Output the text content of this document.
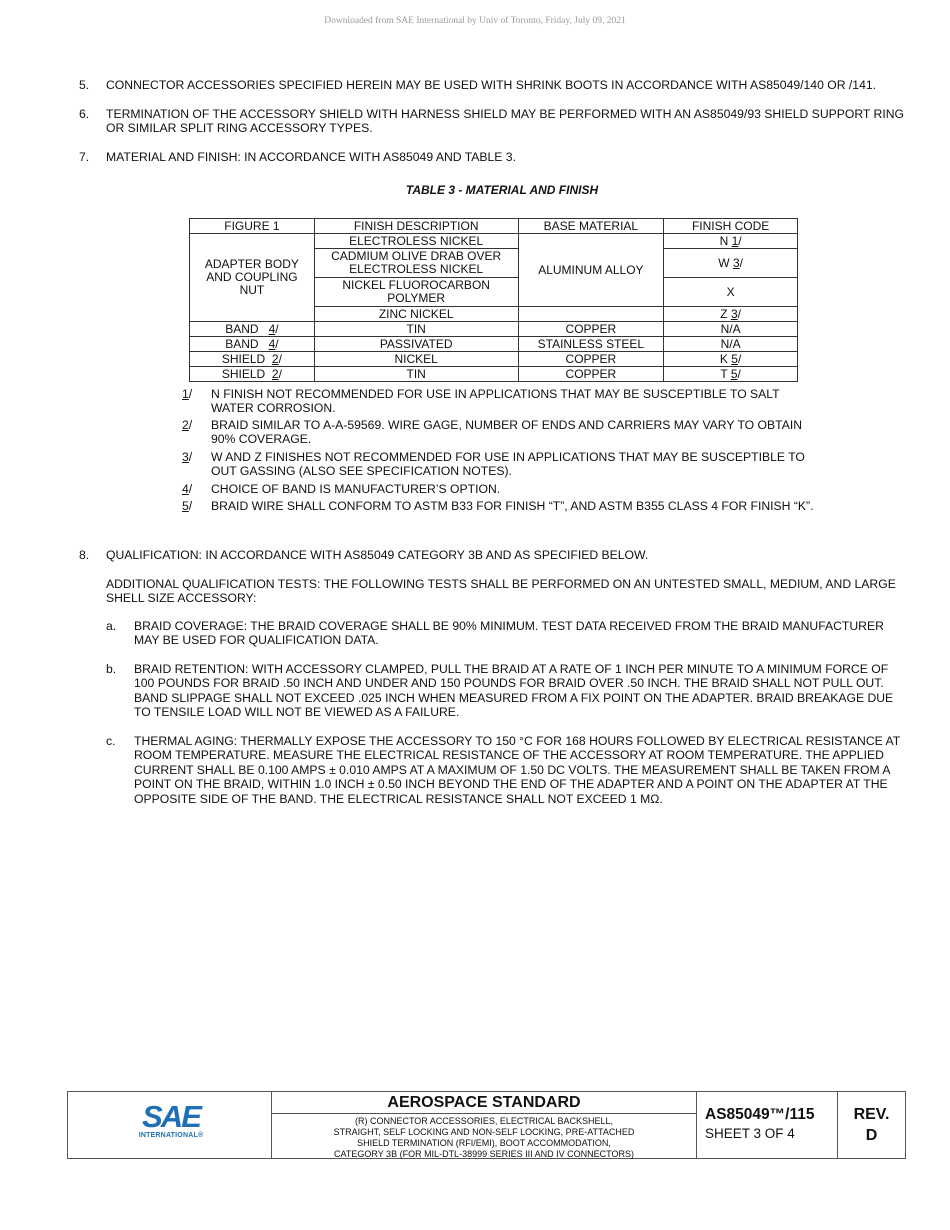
Downloaded from SAE International by Univ of Toronto, Friday, July 09, 2021
5. CONNECTOR ACCESSORIES SPECIFIED HEREIN MAY BE USED WITH SHRINK BOOTS IN ACCORDANCE WITH AS85049/140 OR /141.
6. TERMINATION OF THE ACCESSORY SHIELD WITH HARNESS SHIELD MAY BE PERFORMED WITH AN AS85049/93 SHIELD SUPPORT RING OR SIMILAR SPLIT RING ACCESSORY TYPES.
7. MATERIAL AND FINISH: IN ACCORDANCE WITH AS85049 AND TABLE 3.
TABLE 3 - MATERIAL AND FINISH
FIGURE 1	FINISH DESCRIPTION	BASE MATERIAL	FINISH CODE
ADAPTER BODY AND COUPLING NUT	ELECTROLESS NICKEL	ALUMINUM ALLOY	N 1/
	CADMIUM OLIVE DRAB OVER ELECTROLESS NICKEL		W 3/
	NICKEL FLUOROCARBON POLYMER		X
	ZINC NICKEL		Z 3/
BAND 4/	TIN	COPPER	N/A
BAND 4/	PASSIVATED	STAINLESS STEEL	N/A
SHIELD 2/	NICKEL	COPPER	K 5/
SHIELD 2/	TIN	COPPER	T 5/
1/ N FINISH NOT RECOMMENDED FOR USE IN APPLICATIONS THAT MAY BE SUSCEPTIBLE TO SALT WATER CORROSION.
2/ BRAID SIMILAR TO A-A-59569. WIRE GAGE, NUMBER OF ENDS AND CARRIERS MAY VARY TO OBTAIN 90% COVERAGE.
3/ W AND Z FINISHES NOT RECOMMENDED FOR USE IN APPLICATIONS THAT MAY BE SUSCEPTIBLE TO OUT GASSING (ALSO SEE SPECIFICATION NOTES).
4/ CHOICE OF BAND IS MANUFACTURER’S OPTION.
5/ BRAID WIRE SHALL CONFORM TO ASTM B33 FOR FINISH “T”, AND ASTM B355 CLASS 4 FOR FINISH “K”.
8. QUALIFICATION: IN ACCORDANCE WITH AS85049 CATEGORY 3B AND AS SPECIFIED BELOW.
ADDITIONAL QUALIFICATION TESTS: THE FOLLOWING TESTS SHALL BE PERFORMED ON AN UNTESTED SMALL, MEDIUM, AND LARGE SHELL SIZE ACCESSORY:
a. BRAID COVERAGE: THE BRAID COVERAGE SHALL BE 90% MINIMUM. TEST DATA RECEIVED FROM THE BRAID MANUFACTURER MAY BE USED FOR QUALIFICATION DATA.
b. BRAID RETENTION: WITH ACCESSORY CLAMPED, PULL THE BRAID AT A RATE OF 1 INCH PER MINUTE TO A MINIMUM FORCE OF 100 POUNDS FOR BRAID .50 INCH AND UNDER AND 150 POUNDS FOR BRAID OVER .50 INCH. THE BRAID SHALL NOT PULL OUT. BAND SLIPPAGE SHALL NOT EXCEED .025 INCH WHEN MEASURED FROM A FIX POINT ON THE ADAPTER. BRAID BREAKAGE DUE TO TENSILE LOAD WILL NOT BE VIEWED AS A FAILURE.
c. THERMAL AGING: THERMALLY EXPOSE THE ACCESSORY TO 150 °C FOR 168 HOURS FOLLOWED BY ELECTRICAL RESISTANCE AT ROOM TEMPERATURE. MEASURE THE ELECTRICAL RESISTANCE OF THE ACCESSORY AT ROOM TEMPERATURE. THE APPLIED CURRENT SHALL BE 0.100 AMPS ± 0.010 AMPS AT A MAXIMUM OF 1.50 DC VOLTS. THE MEASUREMENT SHALL BE TAKEN FROM A POINT ON THE BRAID, WITHIN 1.0 INCH ± 0.50 INCH BEYOND THE END OF THE ADAPTER AND A POINT ON THE ADAPTER AT THE OPPOSITE SIDE OF THE BAND. THE ELECTRICAL RESISTANCE SHALL NOT EXCEED 1 MΩ.
SAE
INTERNATIONAL®
AEROSPACE STANDARD
(R) CONNECTOR ACCESSORIES, ELECTRICAL BACKSHELL,
STRAIGHT, SELF LOCKING AND NON-SELF LOCKING, PRE-ATTACHED
SHIELD TERMINATION (RFI/EMI), BOOT ACCOMMODATION,
CATEGORY 3B (FOR MIL-DTL-38999 SERIES III AND IV CONNECTORS)
AS85049™/115
SHEET 3 OF 4
REV.
D
